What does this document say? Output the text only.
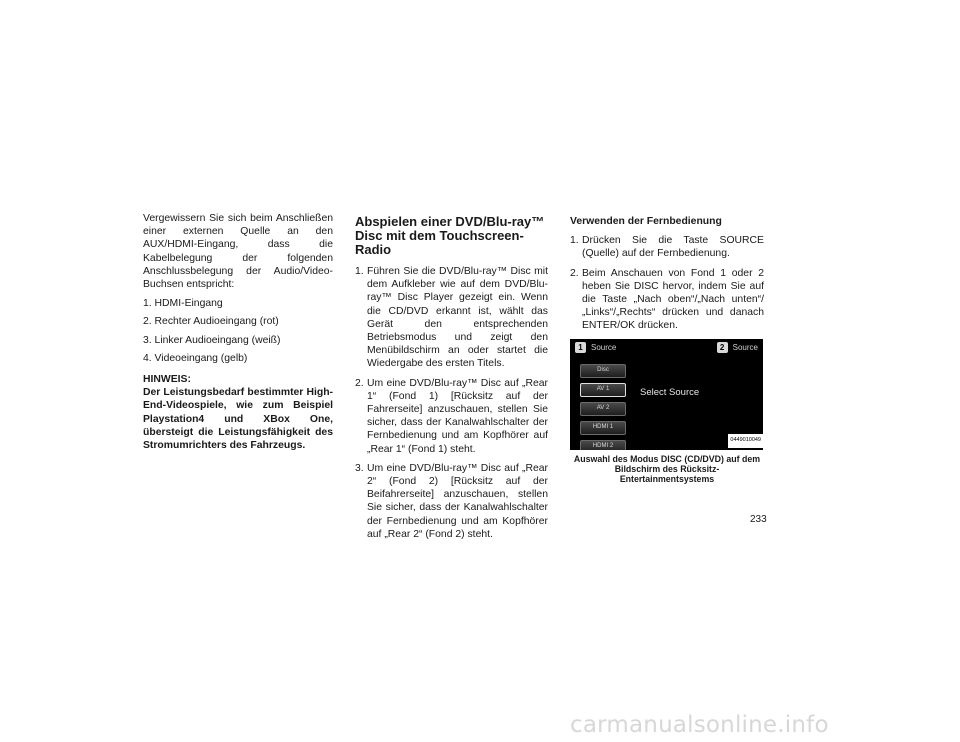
Vergewissern Sie sich beim Anschließen einer externen Quelle an den AUX/HDMI-Eingang, dass die Kabelbelegung der folgenden Anschlussbelegung der Audio/Video-Buchsen entspricht:

1. HDMI-Eingang
2. Rechter Audioeingang (rot)
3. Linker Audioeingang (weiß)
4. Videoeingang (gelb)

HINWEIS:

Der Leistungsbedarf bestimmter High-End-Videospiele, wie zum Beispiel Playstation4 und XBox One, übersteigt die Leistungsfähigkeit des Stromumrichters des Fahrzeugs.

Abspielen einer DVD/Blu-ray™ Disc mit dem Touchscreen-Radio
1. Führen Sie die DVD/Blu-ray™ Disc mit dem Aufkleber wie auf dem DVD/Blu-ray™ Disc Player gezeigt ein. Wenn die CD/DVD erkannt ist, wählt das Gerät den entsprechenden Betriebsmodus und zeigt den Menübildschirm an oder startet die Wiedergabe des ersten Titels.
2. Um eine DVD/Blu-ray™ Disc auf „Rear 1“ (Fond 1) [Rücksitz auf der Fahrerseite] anzuschauen, stellen Sie sicher, dass der Kanalwahlschalter der Fernbedienung und am Kopfhörer auf „Rear 1“ (Fond 1) steht.
3. Um eine DVD/Blu-ray™ Disc auf „Rear 2“ (Fond 2) [Rücksitz auf der Beifahrerseite] anzuschauen, stellen Sie sicher, dass der Kanalwahlschalter der Fernbedienung und am Kopfhörer auf „Rear 2“ (Fond 2) steht.
Verwenden der Fernbedienung
1. Drücken Sie die Taste SOURCE (Quelle) auf der Fernbedienung.
2. Beim Anschauen von Fond 1 oder 2 heben Sie DISC hervor, indem Sie auf die Taste „Nach oben“/„Nach unten“/„Links“/„Rechts“ drücken und danach ENTER/OK drücken.
1	Source	2	Source
Disc
AV 1
AV 2
HDMI 1
HDMI 2
Select Source
0449010049

Auswahl des Modus DISC (CD/DVD) auf dem Bildschirm des Rücksitz-Entertainmentsystems

233
carmanualsonline.info
